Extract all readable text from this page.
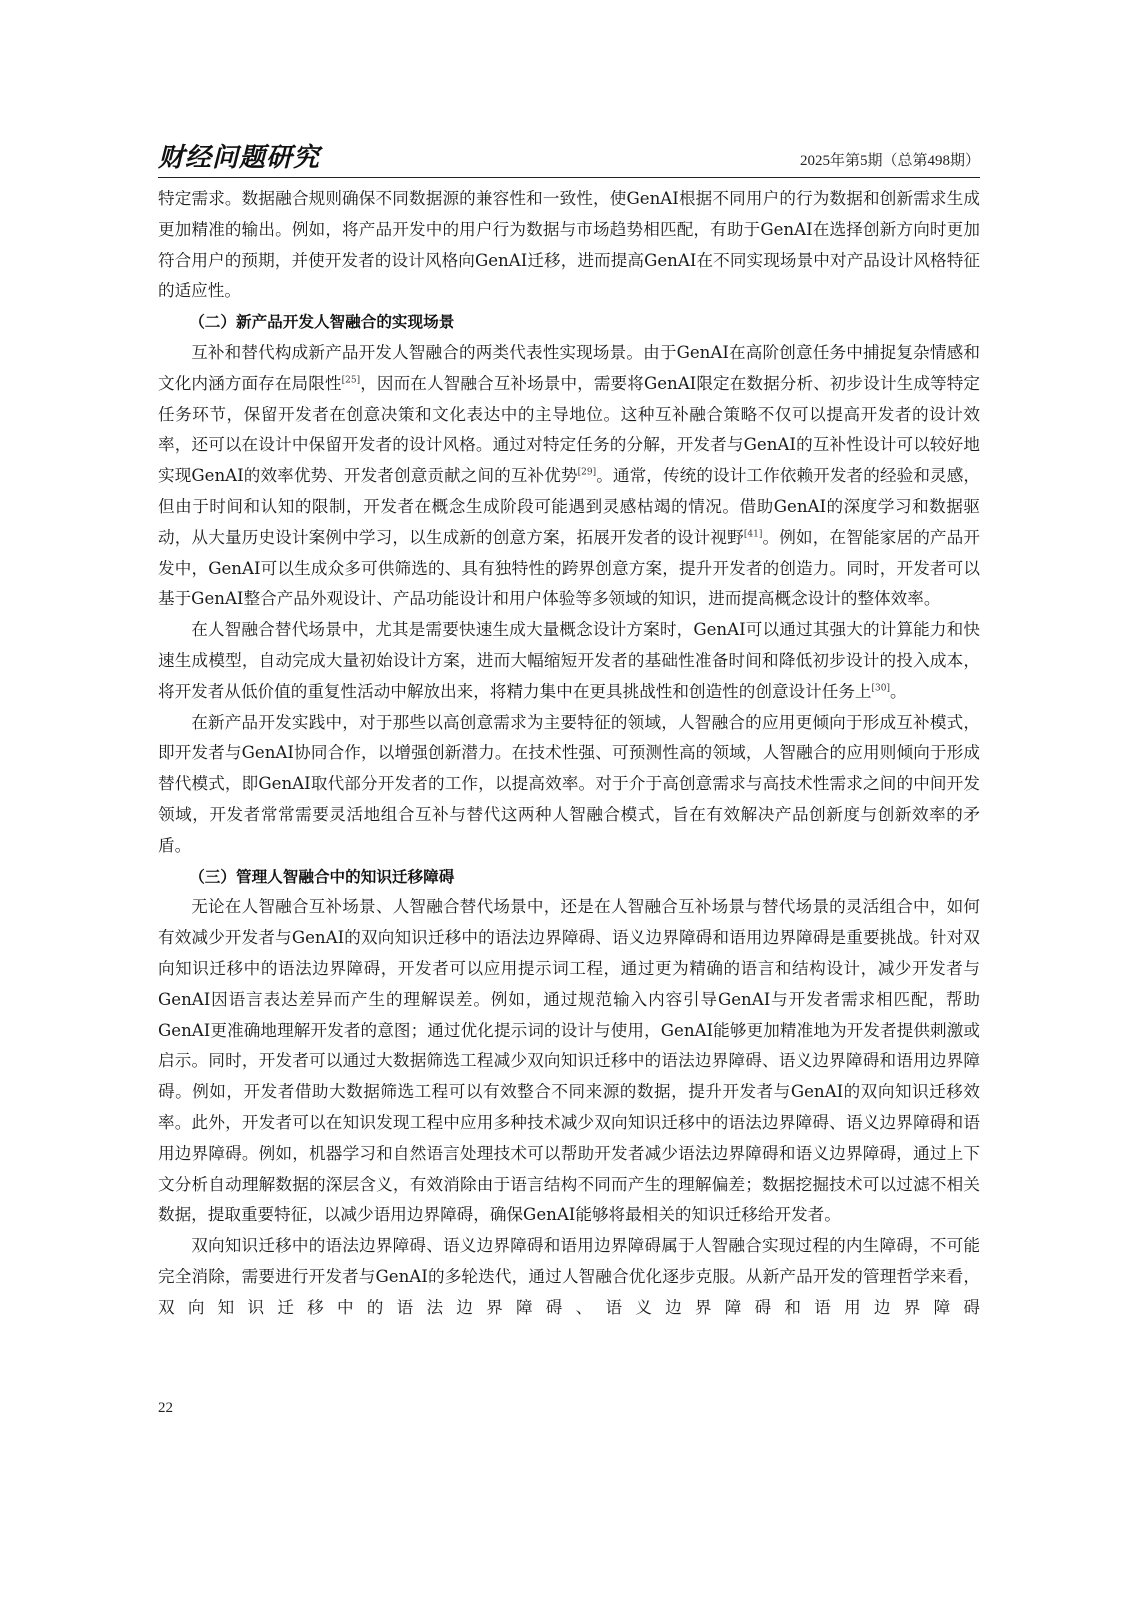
财经问题研究	2025年第5期（总第498期）

特定需求。数据融合规则确保不同数据源的兼容性和一致性，使GenAI根据不同用户的行为数据和创新需求生成更加精准的输出。例如，将产品开发中的用户行为数据与市场趋势相匹配，有助于GenAI在选择创新方向时更加符合用户的预期，并使开发者的设计风格向GenAI迁移，进而提高GenAI在不同实现场景中对产品设计风格特征的适应性。

（二）新产品开发人智融合的实现场景

互补和替代构成新产品开发人智融合的两类代表性实现场景。由于GenAI在高阶创意任务中捕捉复杂情感和文化内涵方面存在局限性[25]，因而在人智融合互补场景中，需要将GenAI限定在数据分析、初步设计生成等特定任务环节，保留开发者在创意决策和文化表达中的主导地位。这种互补融合策略不仅可以提高开发者的设计效率，还可以在设计中保留开发者的设计风格。通过对特定任务的分解，开发者与GenAI的互补性设计可以较好地实现GenAI的效率优势、开发者创意贡献之间的互补优势[29]。通常，传统的设计工作依赖开发者的经验和灵感，但由于时间和认知的限制，开发者在概念生成阶段可能遇到灵感枯竭的情况。借助GenAI的深度学习和数据驱动，从大量历史设计案例中学习，以生成新的创意方案，拓展开发者的设计视野[41]。例如，在智能家居的产品开发中，GenAI可以生成众多可供筛选的、具有独特性的跨界创意方案，提升开发者的创造力。同时，开发者可以基于GenAI整合产品外观设计、产品功能设计和用户体验等多领域的知识，进而提高概念设计的整体效率。

在人智融合替代场景中，尤其是需要快速生成大量概念设计方案时，GenAI可以通过其强大的计算能力和快速生成模型，自动完成大量初始设计方案，进而大幅缩短开发者的基础性准备时间和降低初步设计的投入成本，将开发者从低价值的重复性活动中解放出来，将精力集中在更具挑战性和创造性的创意设计任务上[30]。

在新产品开发实践中，对于那些以高创意需求为主要特征的领域，人智融合的应用更倾向于形成互补模式，即开发者与GenAI协同合作，以增强创新潜力。在技术性强、可预测性高的领域，人智融合的应用则倾向于形成替代模式，即GenAI取代部分开发者的工作，以提高效率。对于介于高创意需求与高技术性需求之间的中间开发领域，开发者常常需要灵活地组合互补与替代这两种人智融合模式，旨在有效解决产品创新度与创新效率的矛盾。

（三）管理人智融合中的知识迁移障碍

无论在人智融合互补场景、人智融合替代场景中，还是在人智融合互补场景与替代场景的灵活组合中，如何有效减少开发者与GenAI的双向知识迁移中的语法边界障碍、语义边界障碍和语用边界障碍是重要挑战。针对双向知识迁移中的语法边界障碍，开发者可以应用提示词工程，通过更为精确的语言和结构设计，减少开发者与GenAI因语言表达差异而产生的理解误差。例如，通过规范输入内容引导GenAI与开发者需求相匹配，帮助GenAI更准确地理解开发者的意图；通过优化提示词的设计与使用，GenAI能够更加精准地为开发者提供刺激或启示。同时，开发者可以通过大数据筛选工程减少双向知识迁移中的语法边界障碍、语义边界障碍和语用边界障碍。例如，开发者借助大数据筛选工程可以有效整合不同来源的数据，提升开发者与GenAI的双向知识迁移效率。此外，开发者可以在知识发现工程中应用多种技术减少双向知识迁移中的语法边界障碍、语义边界障碍和语用边界障碍。例如，机器学习和自然语言处理技术可以帮助开发者减少语法边界障碍和语义边界障碍，通过上下文分析自动理解数据的深层含义，有效消除由于语言结构不同而产生的理解偏差；数据挖掘技术可以过滤不相关数据，提取重要特征，以减少语用边界障碍，确保GenAI能够将最相关的知识迁移给开发者。

双向知识迁移中的语法边界障碍、语义边界障碍和语用边界障碍属于人智融合实现过程的内生障碍，不可能完全消除，需要进行开发者与GenAI的多轮迭代，通过人智融合优化逐步克服。从新产品开发的管理哲学来看，双向知识迁移中的语法边界障碍、语义边界障碍和语用边界障碍

22
